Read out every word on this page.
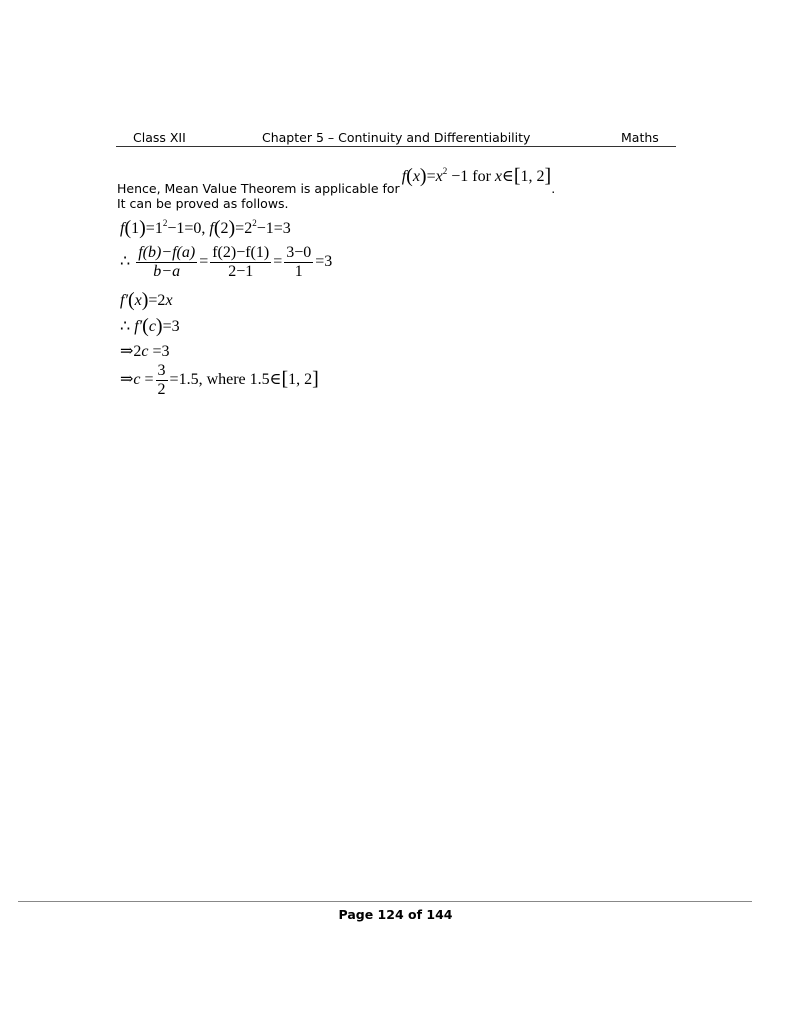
Class XII	Chapter 5 – Continuity and Differentiability	Maths
$_{Hence, Mean Value Theorem is applicable for}f(x)=x^2 -1$ for x∈[1, $2]_.$
It can be proved as follows.
$f(1)=1^2-1=0$, $f(2)=2^2-1=3$
∴ $\frac{f(b)-f(a)}{b-a} = \frac{f(2)-f(1)}{2-1} = \frac{3-0}{1} =3$
f′(x)=2x
∴ f′(c)=3
⇒2c =3
⇒c = $\frac{3}{2} =1.5$, where 1.5∈[1, 2]
Page 124 of 144
